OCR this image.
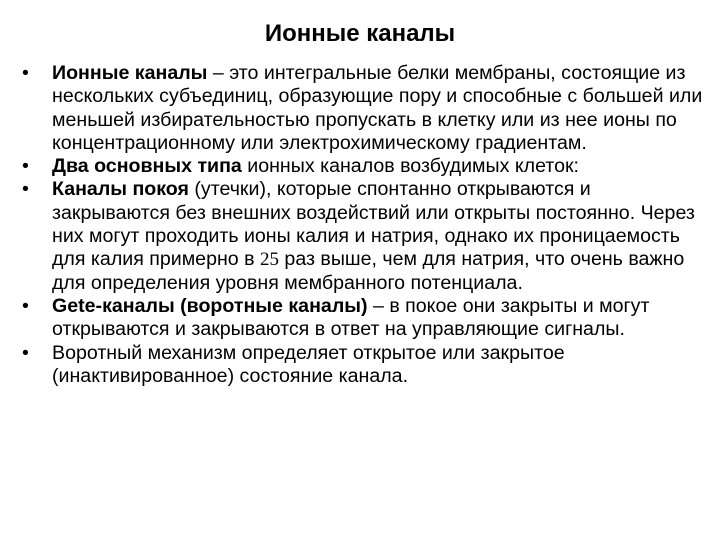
Ионные каналы
• Ионные каналы – это интегральные белки мембраны, состоящие из нескольких субъединиц, образующие пору и способные с большей или меньшей избирательностью пропускать в клетку или из нее ионы по концентрационному или электрохимическому градиентам.
• Два основных типа ионных каналов возбудимых клеток:
• Каналы покоя (утечки), которые спонтанно открываются и закрываются без внешних воздействий или открыты постоянно. Через них могут проходить ионы калия и натрия, однако их проницаемость для калия примерно в 25 раз выше, чем для натрия, что очень важно для определения уровня мембранного потенциала.
• Gete-каналы (воротные каналы) – в покое они закрыты и могут открываются и закрываются в ответ на управляющие сигналы.
• Воротный механизм определяет открытое или закрытое (инактивированное) состояние канала.
